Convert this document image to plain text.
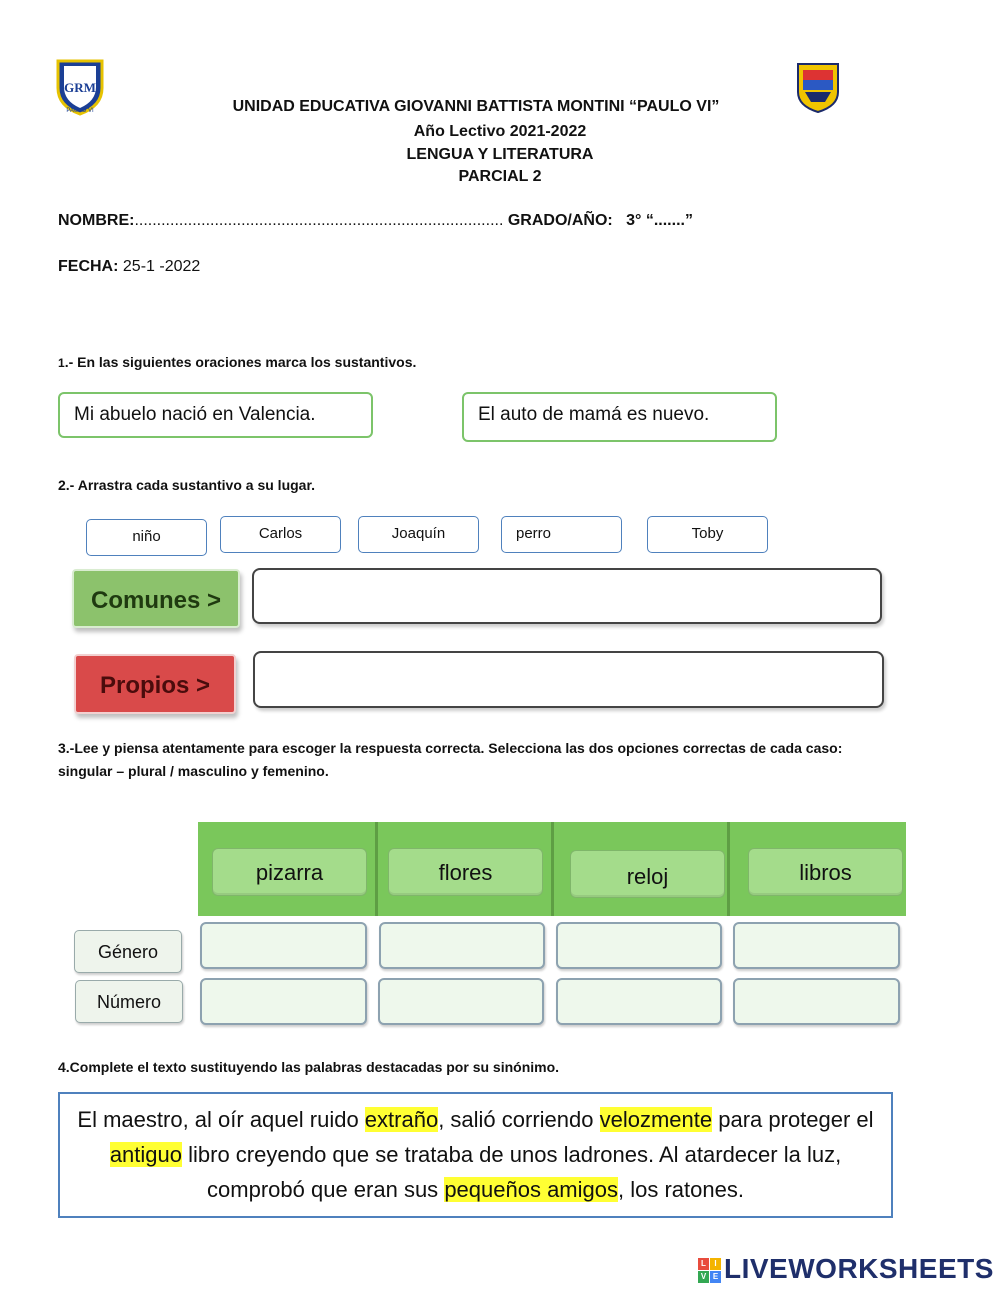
GRM
PAULO VI	UNIDAD EDUCATIVA GIOVANNI BATTISTA MONTINI “PAULO VI”
Año Lectivo 2021-2022
LENGUA Y LITERATURA
PARCIAL 2
NOMBRE:................................................................................... GRADO/AÑO: 3° “.......”
FECHA: 25-1 -2022
1.- En las siguientes oraciones marca los sustantivos.
Mi abuelo nació en Valencia.	El auto de mamá es nuevo.
2.- Arrastra cada sustantivo a su lugar.
niño	Carlos	Joaquín	perro	Toby
Comunes >
Propios >
3.-Lee y piensa atentamente para escoger la respuesta correcta. Selecciona las dos opciones correctas de cada caso:
singular – plural / masculino y femenino.
pizarra	flores	reloj	libros
Género
Número
4.Complete el texto sustituyendo las palabras destacadas por su sinónimo.
El maestro, al oír aquel ruido extraño, salió corriendo velozmente para proteger el
antiguo libro creyendo que se trataba de unos ladrones. Al atardecer la luz,
comprobó que eran sus pequeños amigos, los ratones.
L	I
V E LIVEWORKSHEETS
